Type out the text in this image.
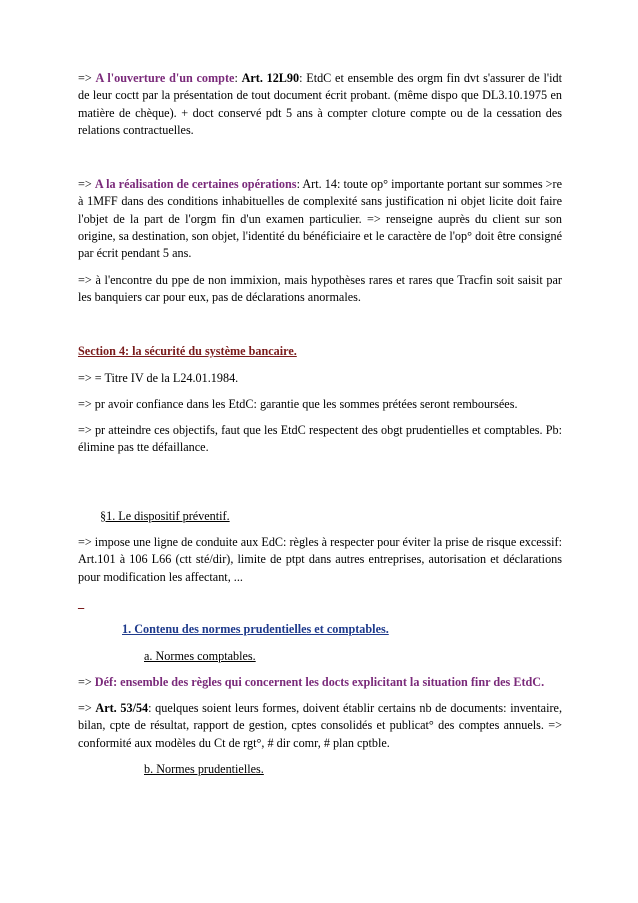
=> A l'ouverture d'un compte: Art. 12L90: EtdC et ensemble des orgm fin dvt s'assurer de l'idt de leur coctt par la présentation de tout document écrit probant. (même dispo que DL3.10.1975 en matière de chèque). + doct conservé pdt 5 ans à compter cloture compte ou de la cessation des relations contractuelles.

=> A la réalisation de certaines opérations: Art. 14: toute op° importante portant sur sommes >re à 1MFF dans des conditions inhabituelles de complexité sans justification ni objet licite doit faire l'objet de la part de l'orgm fin d'un examen particulier. => renseigne auprès du client sur son origine, sa destination, son objet, l'identité du bénéficiaire et le caractère de l'op° doit être consigné par écrit pendant 5 ans.

=> à l'encontre du ppe de non immixion, mais hypothèses rares et rares que Tracfin soit saisit par les banquiers car pour eux, pas de déclarations anormales.

Section 4: la sécurité du système bancaire.

=> = Titre IV de la L24.01.1984.

=> pr avoir confiance dans les EtdC: garantie que les sommes prétées seront remboursées.

=> pr atteindre ces objectifs, faut que les EtdC respectent des obgt prudentielles et comptables. Pb: élimine pas tte défaillance.

§1. Le dispositif préventif.

=> impose une ligne de conduite aux EdC: règles à respecter pour éviter la prise de risque excessif: Art.101 à 106 L66 (ctt sté/dir), limite de ptpt dans autres entreprises, autorisation et déclarations pour modification les affectant, ...

_

1. Contenu des normes prudentielles et comptables.

a. Normes comptables.

=> Déf: ensemble des règles qui concernent les docts explicitant la situation finr des EtdC.

=> Art. 53/54: quelques soient leurs formes, doivent établir certains nb de documents: inventaire, bilan, cpte de résultat, rapport de gestion, cptes consolidés et publicat° des comptes annuels. => conformité aux modèles du Ct de rgt°, # dir comr, # plan cptble.

b. Normes prudentielles.
